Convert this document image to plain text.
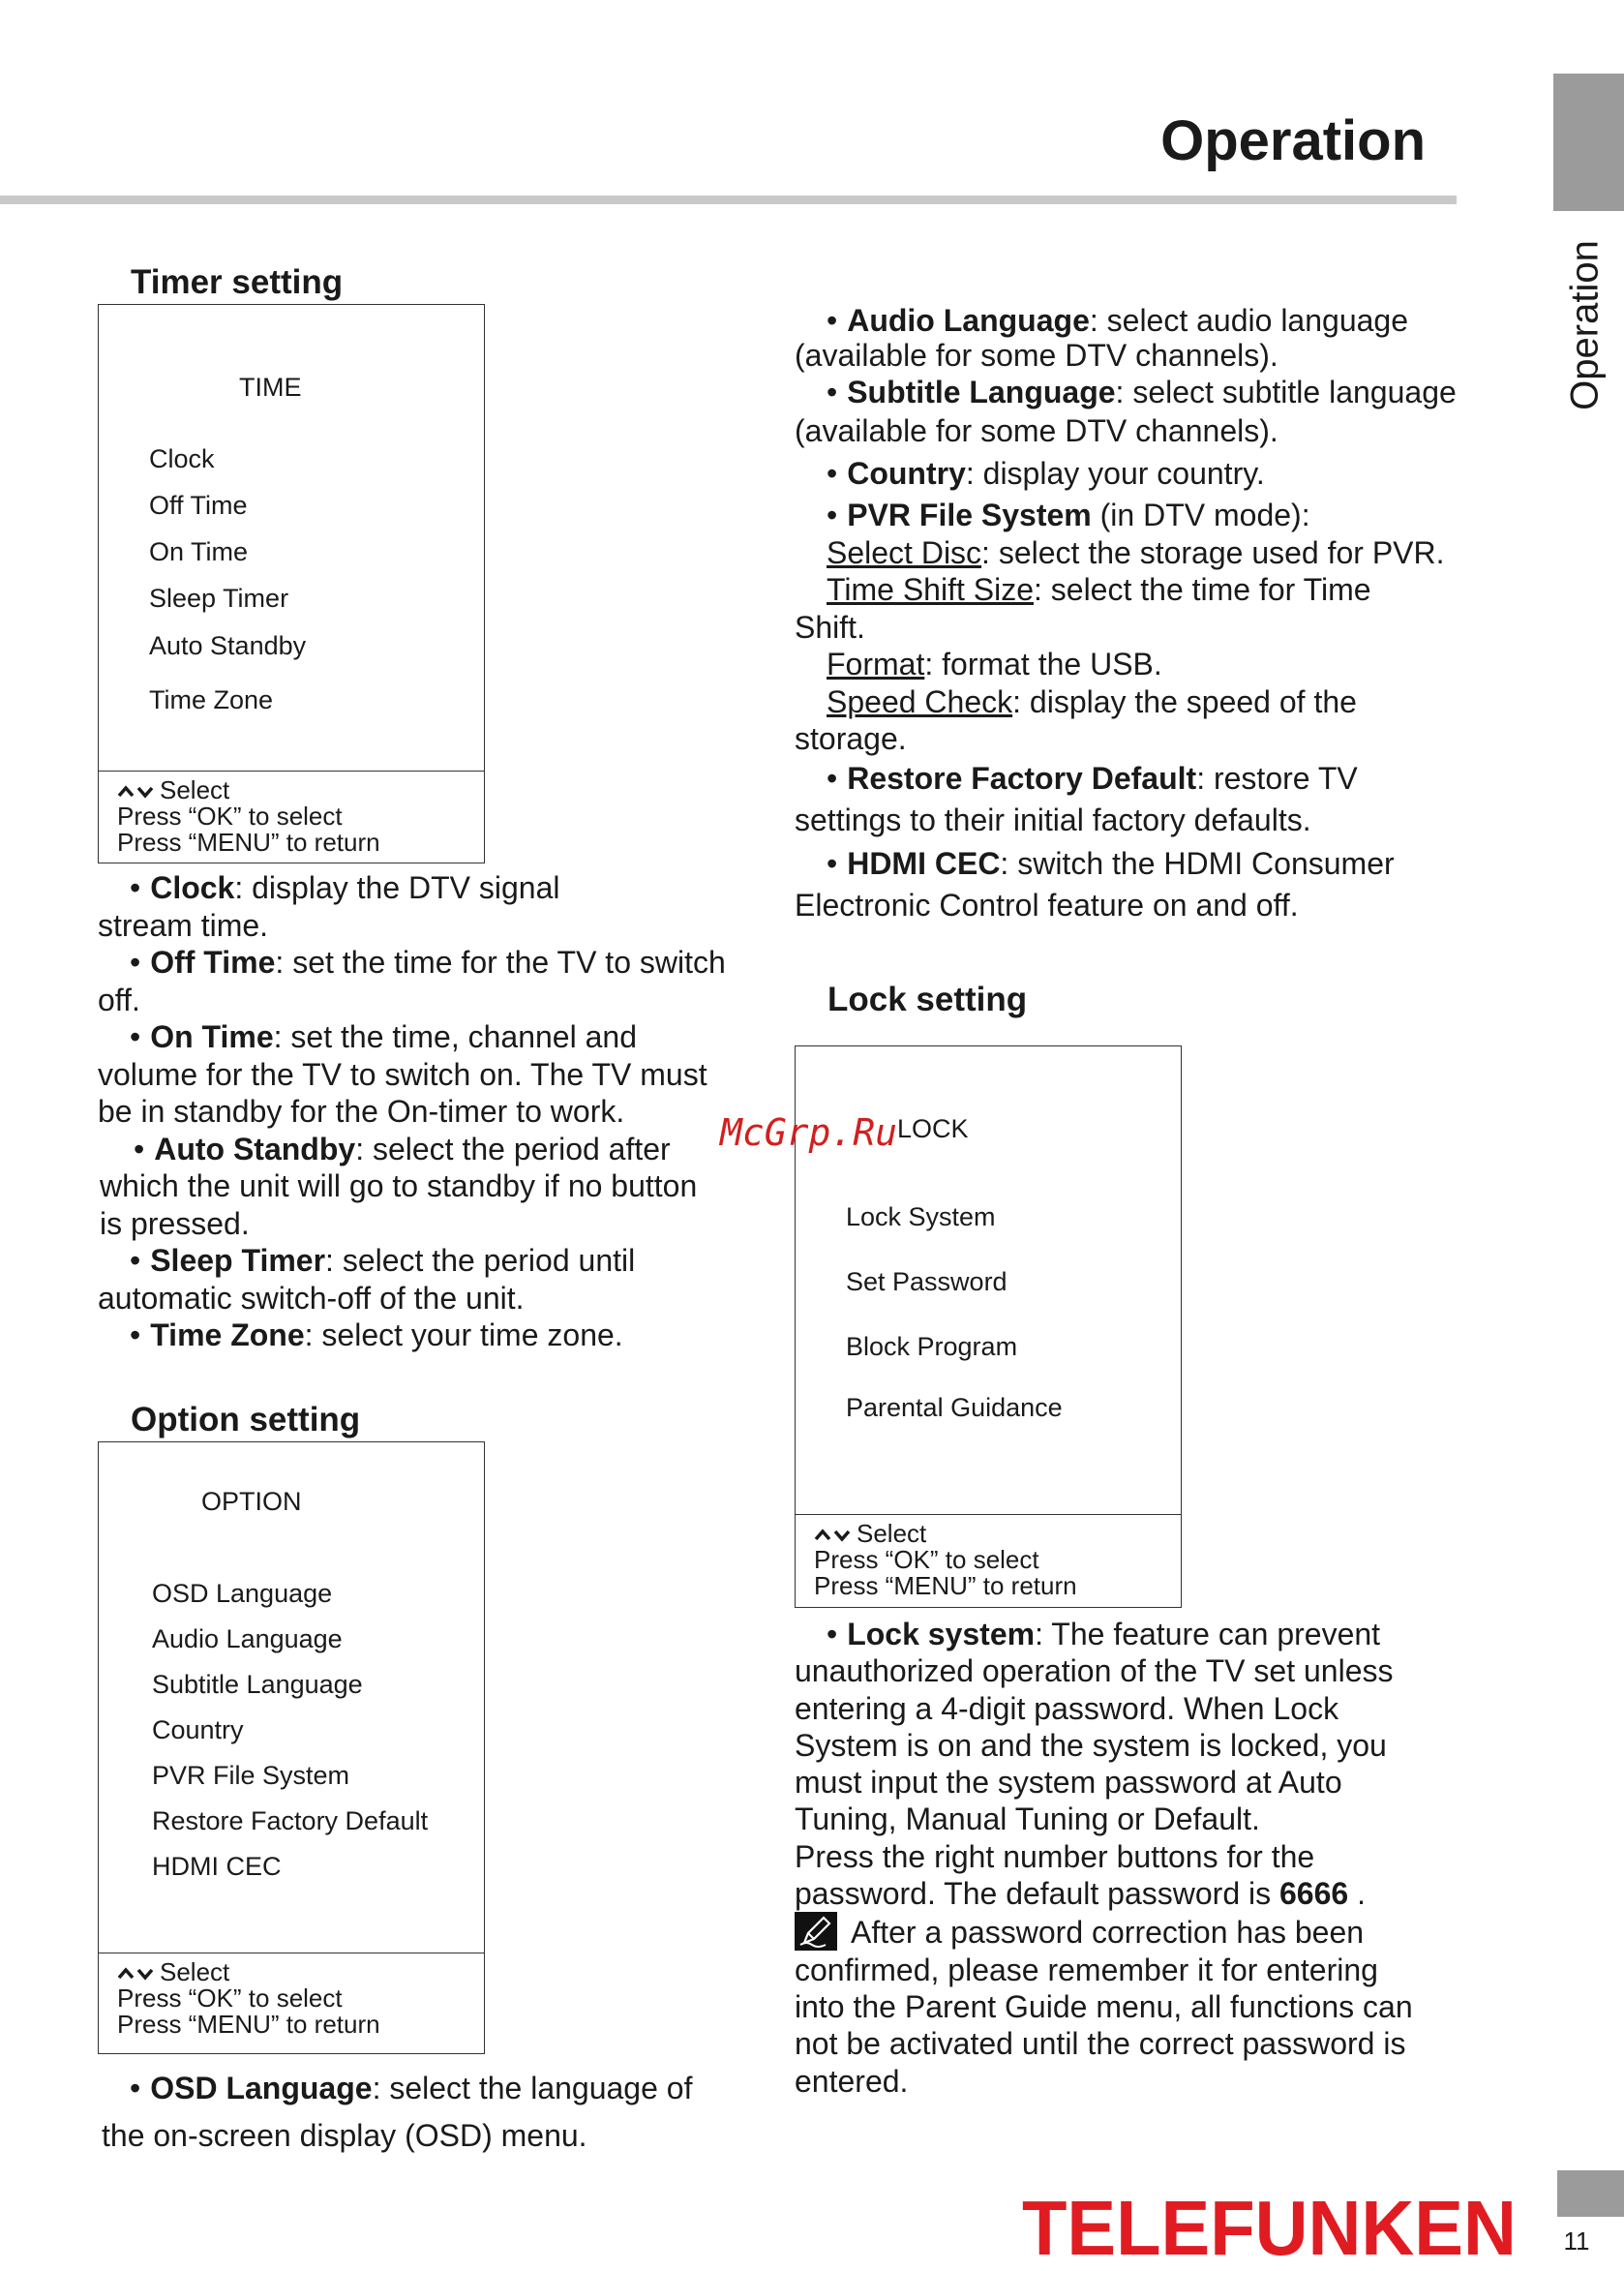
Operation
Operation
Timer setting
TIME
Clock
Off Time
On Time
Sleep Timer
Auto Standby
Time Zone
Select
Press “OK” to select
Press “MENU” to return

• Clock: display the DTV signal

stream time.

• Off Time: set the time for the TV to switch

off.

• On Time: set the time, channel and

volume for the TV to switch on. The TV must

be in standby for the On-timer to work.

• Auto Standby: select the period after

which the unit will go to standby if no button

is pressed.

• Sleep Timer: select the period until

automatic switch-off of the unit.

• Time Zone: select your time zone.

Option setting
OPTION
OSD Language
Audio Language
Subtitle Language
Country
PVR File System
Restore Factory Default
HDMI CEC
Select
Press “OK” to select
Press “MENU” to return

• OSD Language: select the language of

the on-screen display (OSD) menu.

• Audio Language: select audio language

(available for some DTV channels).

• Subtitle Language: select subtitle language

(available for some DTV channels).

• Country: display your country.

• PVR File System (in DTV mode):

Select Disc: select the storage used for PVR.

Time Shift Size: select the time for Time

Shift.

Format: format the USB.

Speed Check: display the speed of the

storage.

• Restore Factory Default: restore TV

settings to their initial factory defaults.

• HDMI CEC: switch the HDMI Consumer

Electronic Control feature on and off.

Lock setting
LOCK
Lock System
Set Password
Block Program
Parental Guidance
Select
Press “OK” to select
Press “MENU” to return

• Lock system: The feature can prevent

unauthorized operation of the TV set unless

entering a 4-digit password. When Lock

System is on and the system is locked, you

must input the system password at Auto

Tuning, Manual Tuning or Default.

Press the right number buttons for the

password. The default password is 6666 .

After a password correction has been

confirmed, please remember it for entering

into the Parent Guide menu, all functions can

not be activated until the correct password is

entered.

McGrp.Ru
TELEFUNKEN 11
